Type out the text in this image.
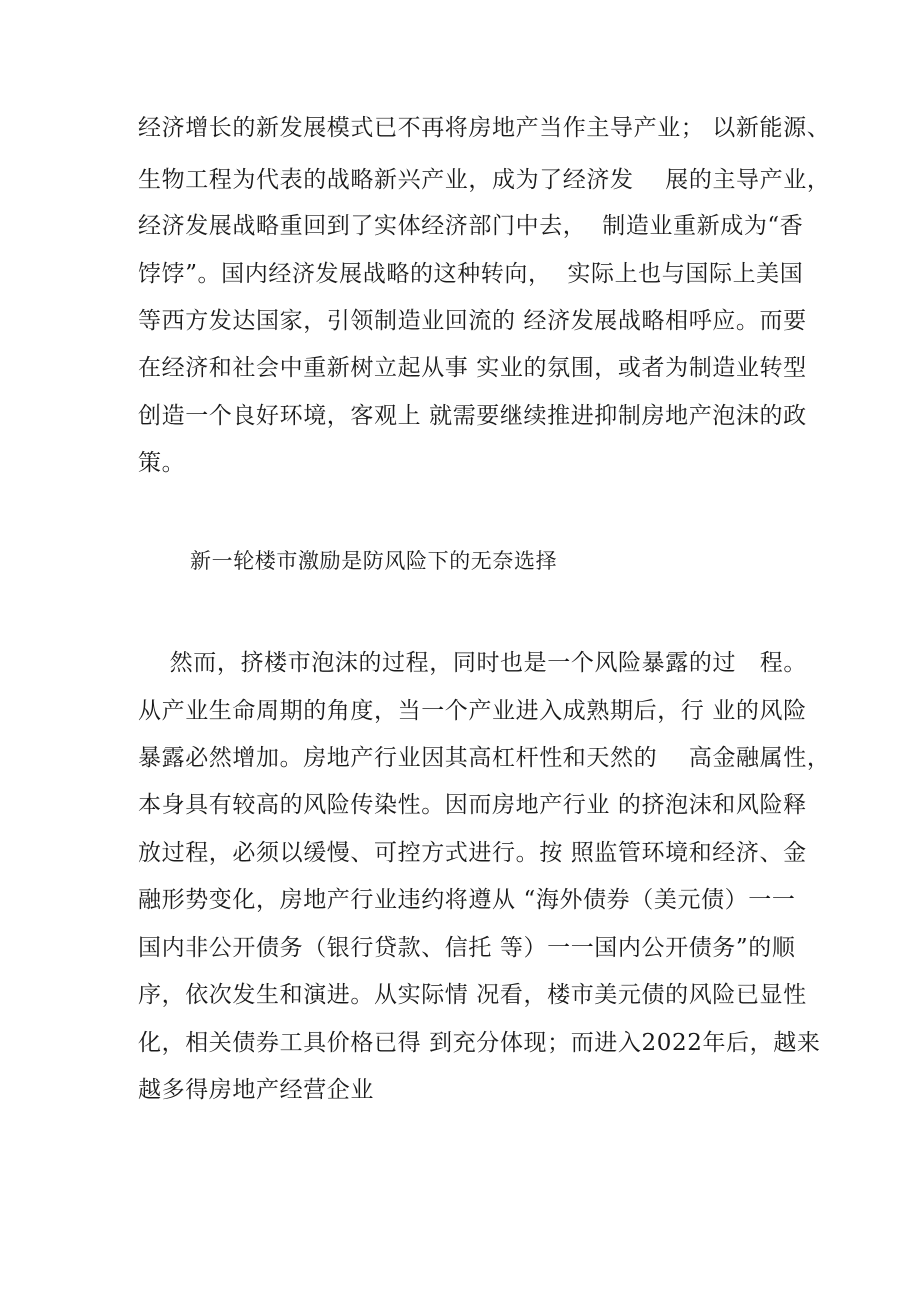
经济增长的新发展模式已不再将房地产当作主导产业； 以新能源、
生物工程为代表的战略新兴产业，成为了经济发    展的主导产业，
经济发展战略重回到了实体经济部门中去，  制造业重新成为“香
饽饽”。国内经济发展战略的这种转向，  实际上也与国际上美国
等西方发达国家，引领制造业回流的 经济发展战略相呼应。而要
在经济和社会中重新树立起从事 实业的氛围，或者为制造业转型
创造一个良好环境，客观上 就需要继续推进抑制房地产泡沫的政
策。
新一轮楼市激励是防风险下的无奈选择
然而，挤楼市泡沫的过程，同时也是一个风险暴露的过   程。
从产业生命周期的角度，当一个产业进入成熟期后，行 业的风险
暴露必然增加。房地产行业因其高杠杆性和天然的    高金融属性，
本身具有较高的风险传染性。因而房地产行业 的挤泡沫和风险释
放过程，必须以缓慢、可控方式进行。按 照监管环境和经济、金
融形势变化，房地产行业违约将遵从 “海外债券（美元债）一一
国内非公开债务（银行贷款、信托 等）一一国内公开债务”的顺
序，依次发生和演进。从实际情 况看，楼市美元债的风险已显性
化，相关债券工具价格已得 到充分体现；而进入2022年后，越来
越多得房地产经营企业
